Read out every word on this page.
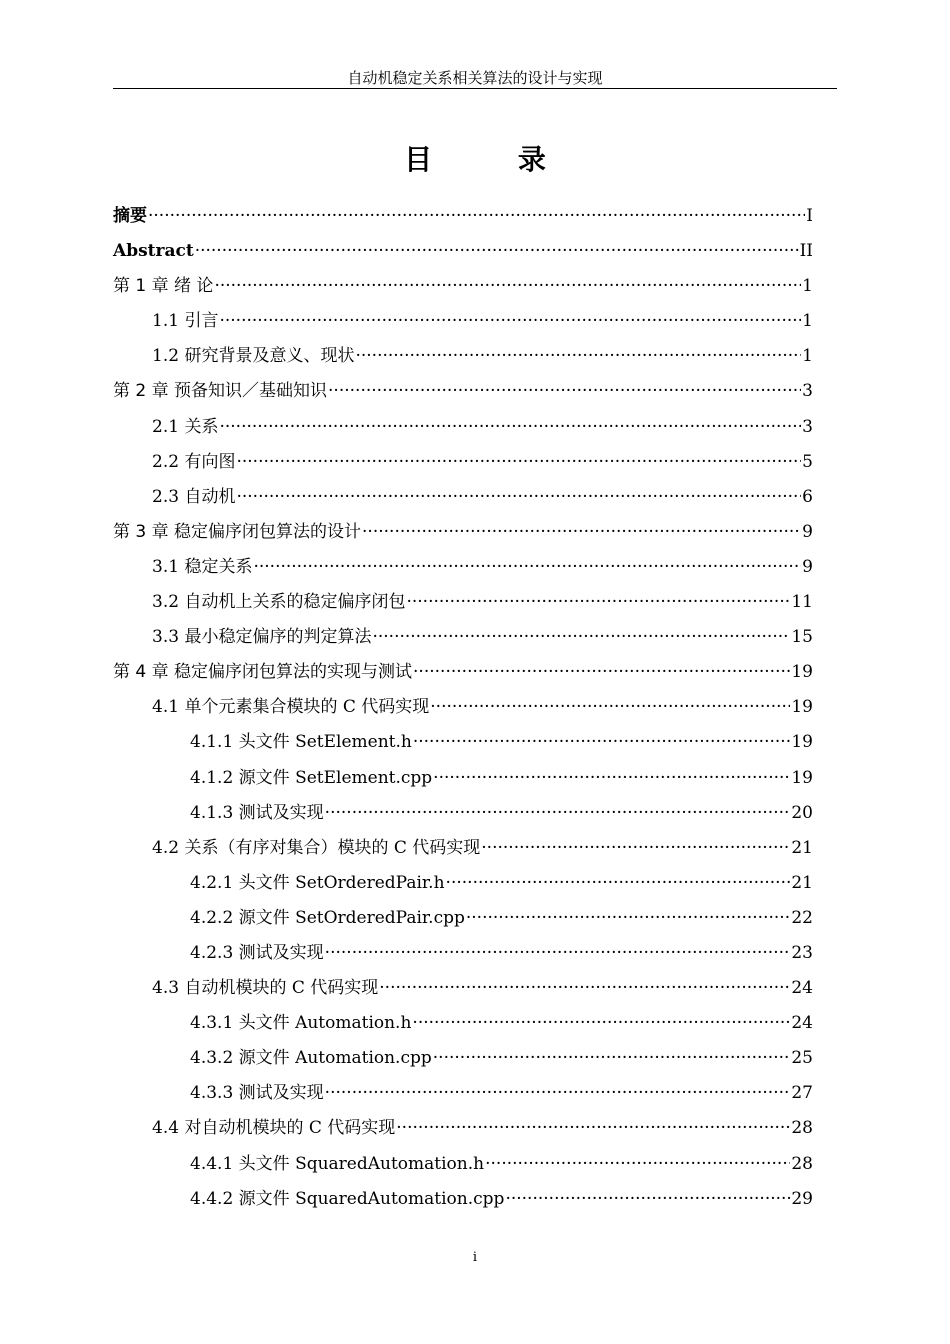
自动机稳定关系相关算法的设计与实现
目 录
摘要 ·····	I
Abstract ·····	II
第 1 章 绪 论 ·····	1
1.1 引言 ·····	1
1.2 研究背景及意义、现状 ·····	1
第 2 章 预备知识／基础知识 ·····	3
2.1 关系 ·····	3
2.2 有向图 ·····	5
2.3 自动机 ·····	6
第 3 章 稳定偏序闭包算法的设计 ·····	9
3.1 稳定关系 ·····	9
3.2 自动机上关系的稳定偏序闭包 ·····	11
3.3 最小稳定偏序的判定算法 ·····	15
第 4 章 稳定偏序闭包算法的实现与测试 ·····	19
4.1 单个元素集合模块的 C 代码实现 ·····	19
4.1.1 头文件 SetElement.h ·····	19
4.1.2 源文件 SetElement.cpp ·····	19
4.1.3 测试及实现 ·····	20
4.2 关系（有序对集合）模块的 C 代码实现 ·····	21
4.2.1 头文件 SetOrderedPair.h ·····	21
4.2.2 源文件 SetOrderedPair.cpp ·····	22
4.2.3 测试及实现 ·····	23
4.3 自动机模块的 C 代码实现 ·····	24
4.3.1 头文件 Automation.h ·····	24
4.3.2 源文件 Automation.cpp ·····	25
4.3.3 测试及实现 ·····	27
4.4 对自动机模块的 C 代码实现 ·····	28
4.4.1 头文件 SquaredAutomation.h ·····	28
4.4.2 源文件 SquaredAutomation.cpp ·····	29
i
